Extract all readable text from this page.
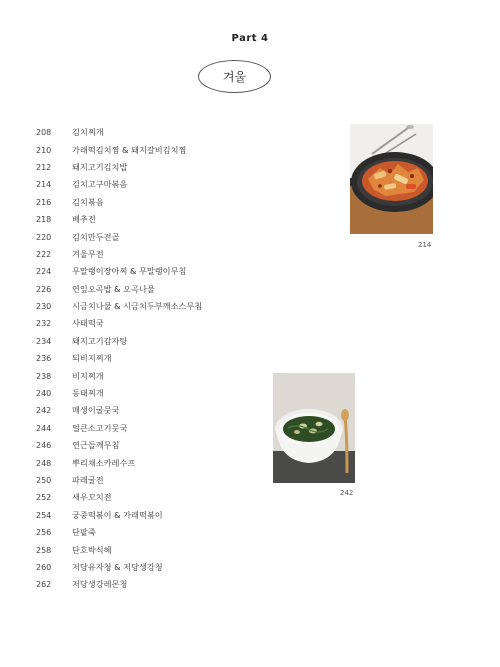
Part 4
겨울
208	김치찌개
210	가래떡김치찜 & 돼지갈비김치찜
212	돼지고기김치밥
214	김치고구마볶음
216	김치볶음
218	배추전
220	김치만두전골
222	겨울무전
224	무말랭이장아찌 & 무말랭이무침
226	연잎오곡밥 & 오곡나물
230	시금치나물 & 시금치두부깨소스무침
232	사태떡국
234	돼지고기감자탕
236	되비지찌개
238	비지찌개
240	동태찌개
242	매생이굴뭇국
244	얼큰소고기뭇국
246	연근들깨무침
248	뿌리채소카레수프
250	파래굴전
252	새우꼬치전
254	궁중떡볶이 & 가래떡볶이
256	단팥죽
258	단호박식혜
260	저당유자청 & 저당생강청
262	저당생강레몬청
214
242
